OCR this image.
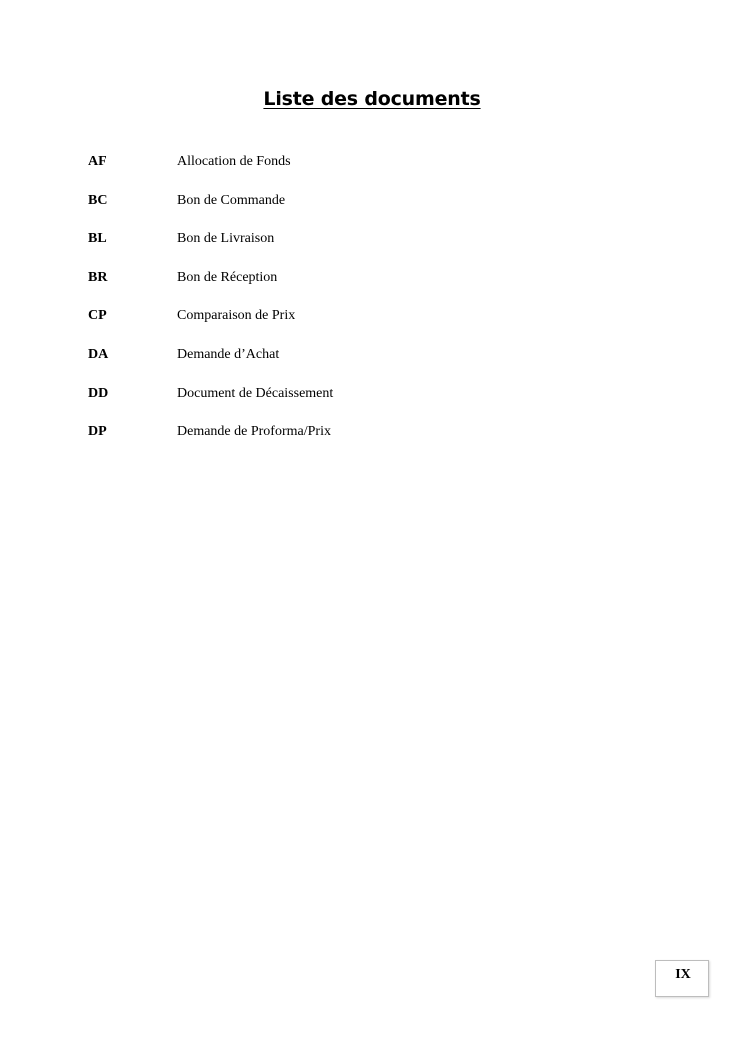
Liste des documents
AF	Allocation de Fonds
BC	Bon de Commande
BL	Bon de Livraison
BR	Bon de Réception
CP	Comparaison de Prix
DA	Demande d’Achat
DD	Document de Décaissement
DP	Demande de Proforma/Prix
IX
